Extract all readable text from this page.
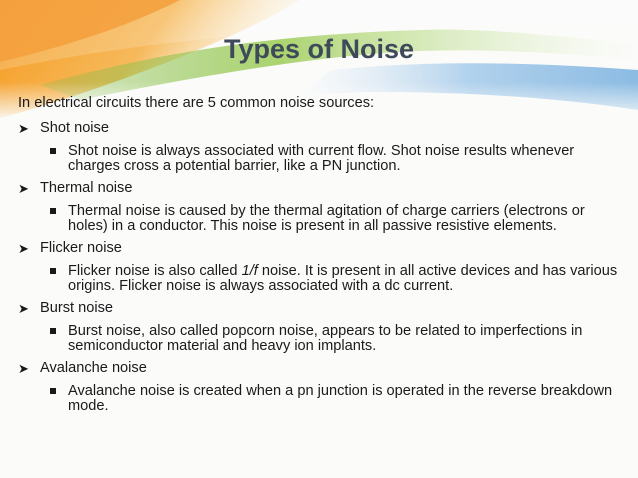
Types of Noise

In electrical circuits there are 5 common noise sources:

➤ Shot noise
Shot noise is always associated with current flow. Shot noise results whenever charges cross a potential barrier, like a PN junction.
➤ Thermal noise
Thermal noise is caused by the thermal agitation of charge carriers (electrons or holes) in a conductor. This noise is present in all passive resistive elements.
➤ Flicker noise
Flicker noise is also called 1/f noise. It is present in all active devices and has various origins. Flicker noise is always associated with a dc current.
➤ Burst noise
Burst noise, also called popcorn noise, appears to be related to imperfections in semiconductor material and heavy ion implants.
➤ Avalanche noise
Avalanche noise is created when a pn junction is operated in the reverse breakdown mode.
